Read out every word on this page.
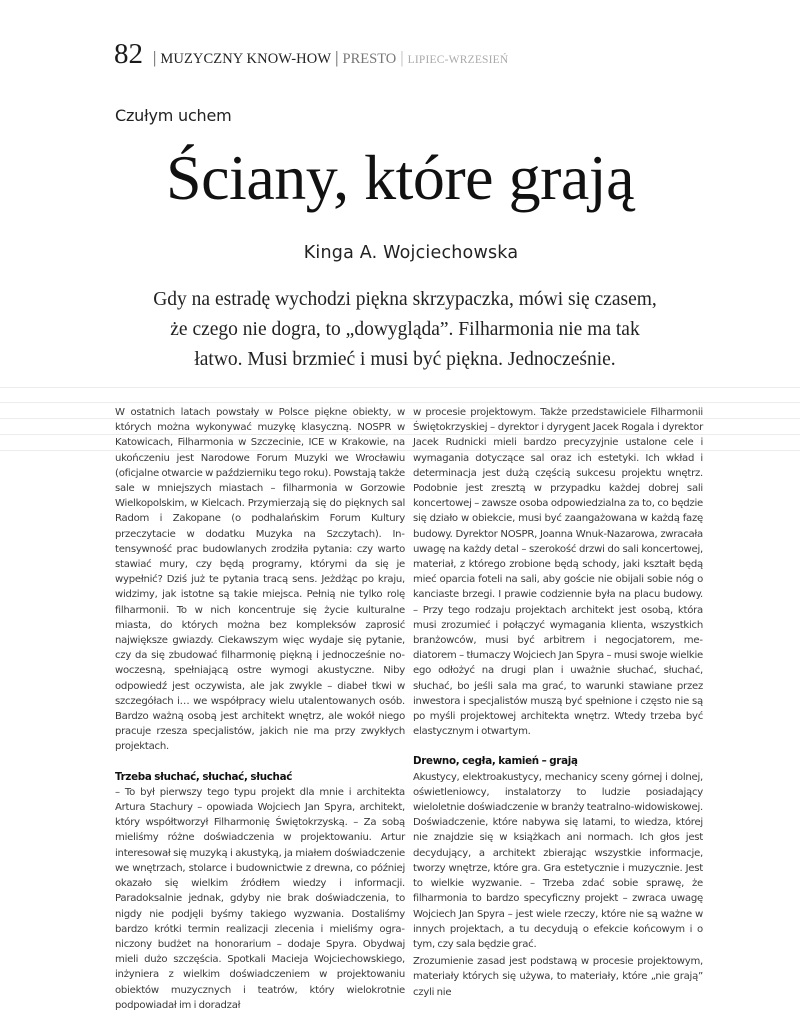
82 | MUZYCZNY KNOW-HOW | PRESTO | LIPIEC-WRZESIEŃ
Czułym uchem
Ściany, które grają
Kinga A. Wojciechowska
Gdy na estradę wychodzi piękna skrzypaczka, mówi się czasem,
że czego nie dogra, to „dowygląda”. Filharmonia nie ma tak
łatwo. Musi brzmieć i musi być piękna. Jednocześnie.

W ostatnich latach powstały w Polsce piękne obiekty, w których można wykonywać muzykę klasyczną. NOSPR w Katowicach, Filharmonia w Szczecinie, ICE w Krakowie, na ukończeniu jest Narodowe Forum Muzyki we Wrocławiu (oficjalne otwarcie w październiku tego roku). Powstają także sale w mniejszych miastach – filharmonia w Gorzowie Wielkopolskim, w Kielcach. Przymierzają się do pięknych sal Radom i Zakopane (o podhalańskim Forum Kultury przeczytacie w dodatku Muzyka na Szczytach). Intensywność prac budowlanych zrodziła pytania: czy warto stawiać mury, czy będą programy, którymi da się je wypełnić? Dziś już te pytania tracą sens. Jeżdżąc po kraju, widzimy, jak istotne są takie miejsca. Pełnią nie tylko rolę filharmonii. To w nich koncentruje się życie kulturalne miasta, do których można bez kompleksów zaprosić największe gwiazdy. Ciekawszym więc wydaje się pytanie, czy da się zbudować filharmonię piękną i jednocześnie nowoczesną, spełniającą ostre wymogi akustyczne. Niby odpowiedź jest oczywista, ale jak zwykle – diabeł tkwi w szczegółach i… we współpracy wielu utalentowanych osób. Bardzo ważną osobą jest architekt wnętrz, ale wokół niego pracuje rzesza specjalistów, jakich nie ma przy zwykłych projektach.

Trzeba słuchać, słuchać, słuchać

– To był pierwszy tego typu projekt dla mnie i architekta Artura Stachury – opowiada Wojciech Jan Spyra, architekt, który współtworzył Filharmonię Świętokrzyską. – Za sobą mieliśmy różne doświadczenia w projektowaniu. Artur interesował się muzyką i akustyką, ja miałem doświadczenie we wnętrzach, stolarce i budownictwie z drewna, co później okazało się wielkim źródłem wiedzy i informacji. Paradoksalnie jednak, gdyby nie brak doświadczenia, to nigdy nie podjęli byśmy takiego wyzwania. Dostaliśmy bardzo krótki termin realizacji zlecenia i mieliśmy ograniczony budżet na honorarium – dodaje Spyra. Obydwaj mieli dużo szczęścia. Spotkali Macieja Wojciechowskiego, inżyniera z wielkim doświadczeniem w projektowaniu obiektów muzycznych i teatrów, który wielokrotnie podpowiadał im i doradzał

w procesie projektowym. Także przedstawiciele Filharmonii Świętokrzyskiej – dyrektor i dyrygent Jacek Rogala i dyrektor Jacek Rudnicki mieli bardzo precyzyjnie ustalone cele i wymagania dotyczące sal oraz ich estetyki. Ich wkład i determinacja jest dużą częścią sukcesu projektu wnętrz. Podobnie jest zresztą w przypadku każdej dobrej sali koncertowej – zawsze osoba odpowiedzialna za to, co będzie się działo w obiekcie, musi być zaangażowana w każdą fazę budowy. Dyrektor NOSPR, Joanna Wnuk-Nazarowa, zwracała uwagę na każdy detal – szerokość drzwi do sali koncertowej, materiał, z którego zrobione będą schody, jaki kształt będą mieć oparcia foteli na sali, aby goście nie obijali sobie nóg o kanciaste brzegi. I prawie codziennie była na placu budowy. – Przy tego rodzaju projektach architekt jest osobą, która musi zrozumieć i połączyć wymagania klienta, wszystkich branżowców, musi być arbitrem i negocjatorem, mediatorem – tłumaczy Wojciech Jan Spyra – musi swoje wielkie ego odłożyć na drugi plan i uważnie słuchać, słuchać, słuchać, bo jeśli sala ma grać, to warunki stawiane przez inwestora i specjalistów muszą być spełnione i często nie są po myśli projektowej architekta wnętrz. Wtedy trzeba być elastycznym i otwartym.

Drewno, cegła, kamień – grają

Akustycy, elektroakustycy, mechanicy sceny górnej i dolnej, oświetleniowcy, instalatorzy to ludzie posiadający wieloletnie doświadczenie w branży teatralno-widowiskowej. Doświadczenie, które nabywa się latami, to wiedza, której nie znajdzie się w książkach ani normach. Ich głos jest decydujący, a architekt zbierając wszystkie informacje, tworzy wnętrze, które gra. Gra estetycznie i muzycznie. Jest to wielkie wyzwanie. – Trzeba zdać sobie sprawę, że filharmonia to bardzo specyficzny projekt – zwraca uwagę Wojciech Jan Spyra – jest wiele rzeczy, które nie są ważne w innych projektach, a tu decydują o efekcie końcowym i o tym, czy sala będzie grać.

Zrozumienie zasad jest podstawą w procesie projektowym, materiały których się używa, to materiały, które „nie grają” czyli nie
